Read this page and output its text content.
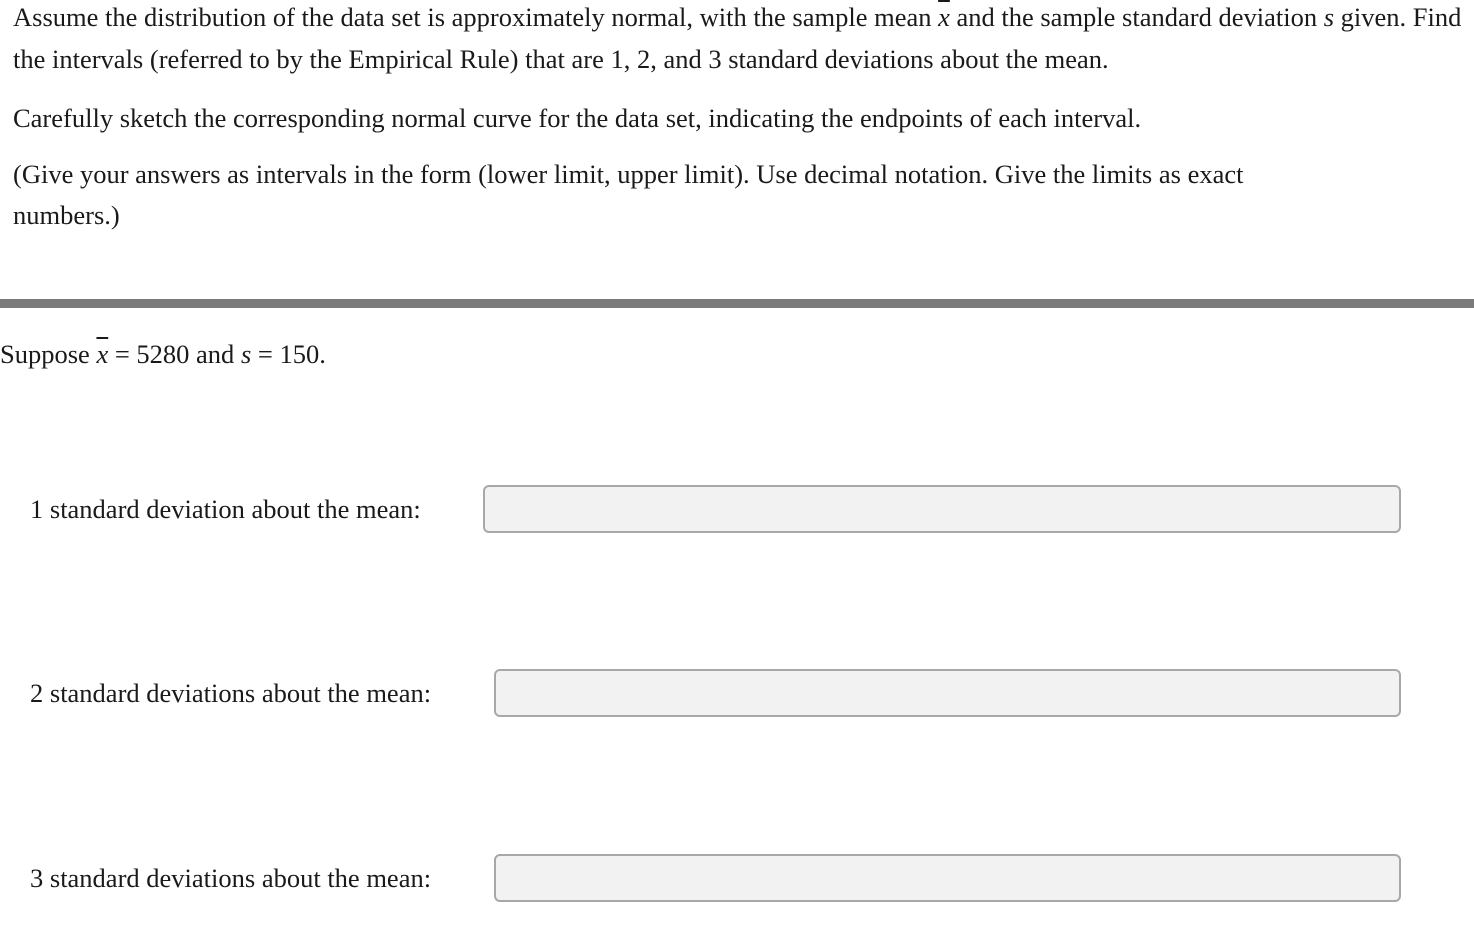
Assume the distribution of the data set is approximately normal, with the sample mean $\overline{x}$ and the sample standard deviation s given. Find the intervals (referred to by the Empirical Rule) that are 1, 2, and 3 standard deviations about the mean.

Carefully sketch the corresponding normal curve for the data set, indicating the endpoints of each interval.

(Give your answers as intervals in the form (lower limit, upper limit). Use decimal notation. Give the limits as exact numbers.)

Suppose $\overline{x} = 5280$ and s = 150.
1 standard deviation about the mean:
2 standard deviations about the mean:
3 standard deviations about the mean:
